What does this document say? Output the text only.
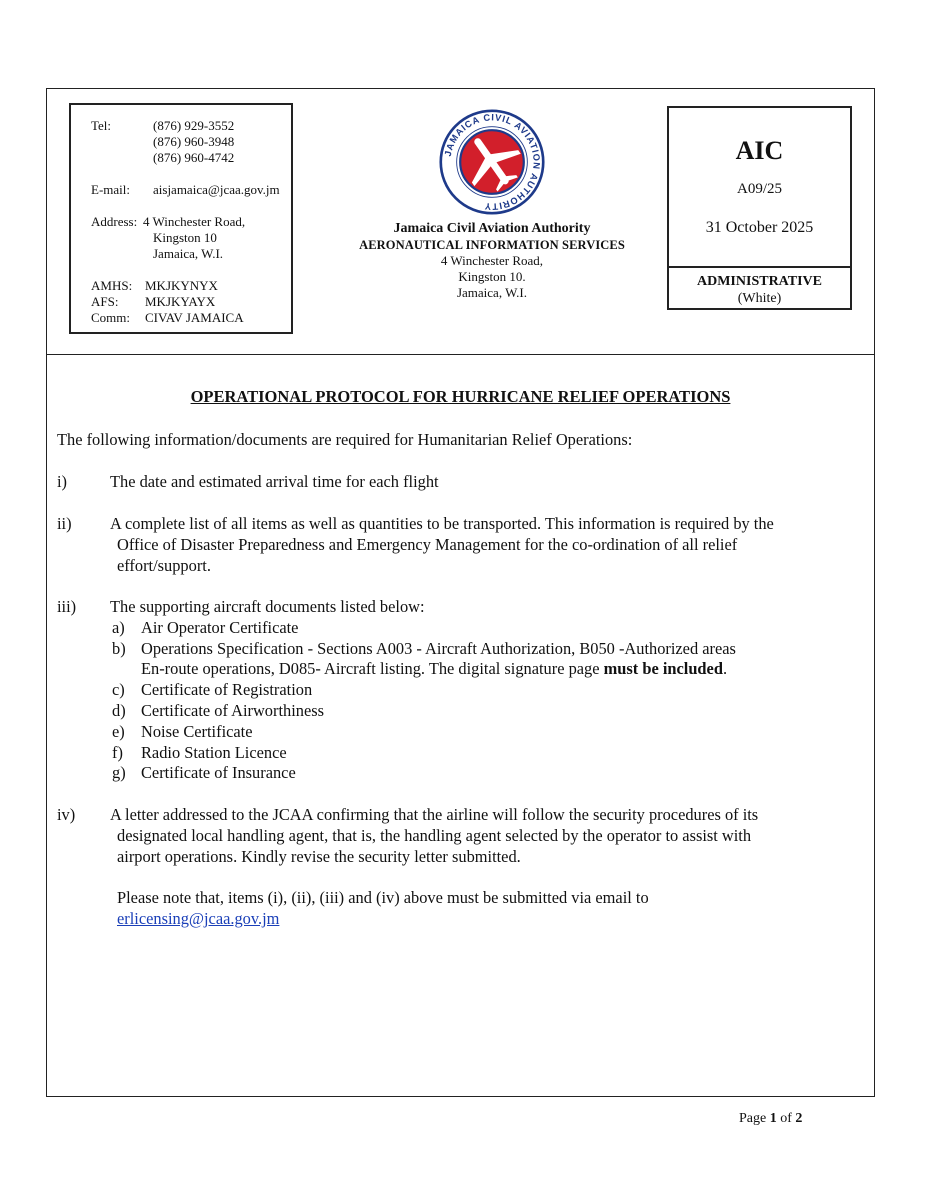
Tel:	(876) 929-3552
(876) 960-3948
(876) 960-4742
E-mail:	aisjamaica@jcaa.gov.jm
Address: 4 Winchester Road,
Kingston 10
Jamaica, W.I.
AMHS: MKJKYNYX
AFS:	MKJKYAYX
Comm:	CIVAV JAMAICA
JAMAICA CIVIL AVIATION AUTHORITY
Jamaica Civil Aviation Authority
AERONAUTICAL INFORMATION SERVICES
4 Winchester Road,
Kingston 10.
Jamaica, W.I.
AIC
A09/25
31 October 2025
ADMINISTRATIVE
(White)
OPERATIONAL PROTOCOL FOR HURRICANE RELIEF OPERATIONS
The following information/documents are required for Humanitarian Relief Operations:
i)	The date and estimated arrival time for each flight
ii) A complete list of all items as well as quantities to be transported. This information is required by the
Office of Disaster Preparedness and Emergency Management for the co-ordination of all relief
effort/support.
iii)	The supporting aircraft documents listed below:
a) Air Operator Certificate
b) Operations Specification - Sections A003 - Aircraft Authorization, B050 -Authorized areas
En-route operations, D085- Aircraft listing. The digital signature page must be included.
c) Certificate of Registration
d) Certificate of Airworthiness
e) Noise Certificate
f) Radio Station Licence
g) Certificate of Insurance
iv) A letter addressed to the JCAA confirming that the airline will follow the security procedures of its
designated local handling agent, that is, the handling agent selected by the operator to assist with
airport operations. Kindly revise the security letter submitted.
Please note that, items (i), (ii), (iii) and (iv) above must be submitted via email to
erlicensing@jcaa.gov.jm
Page 1 of 2
